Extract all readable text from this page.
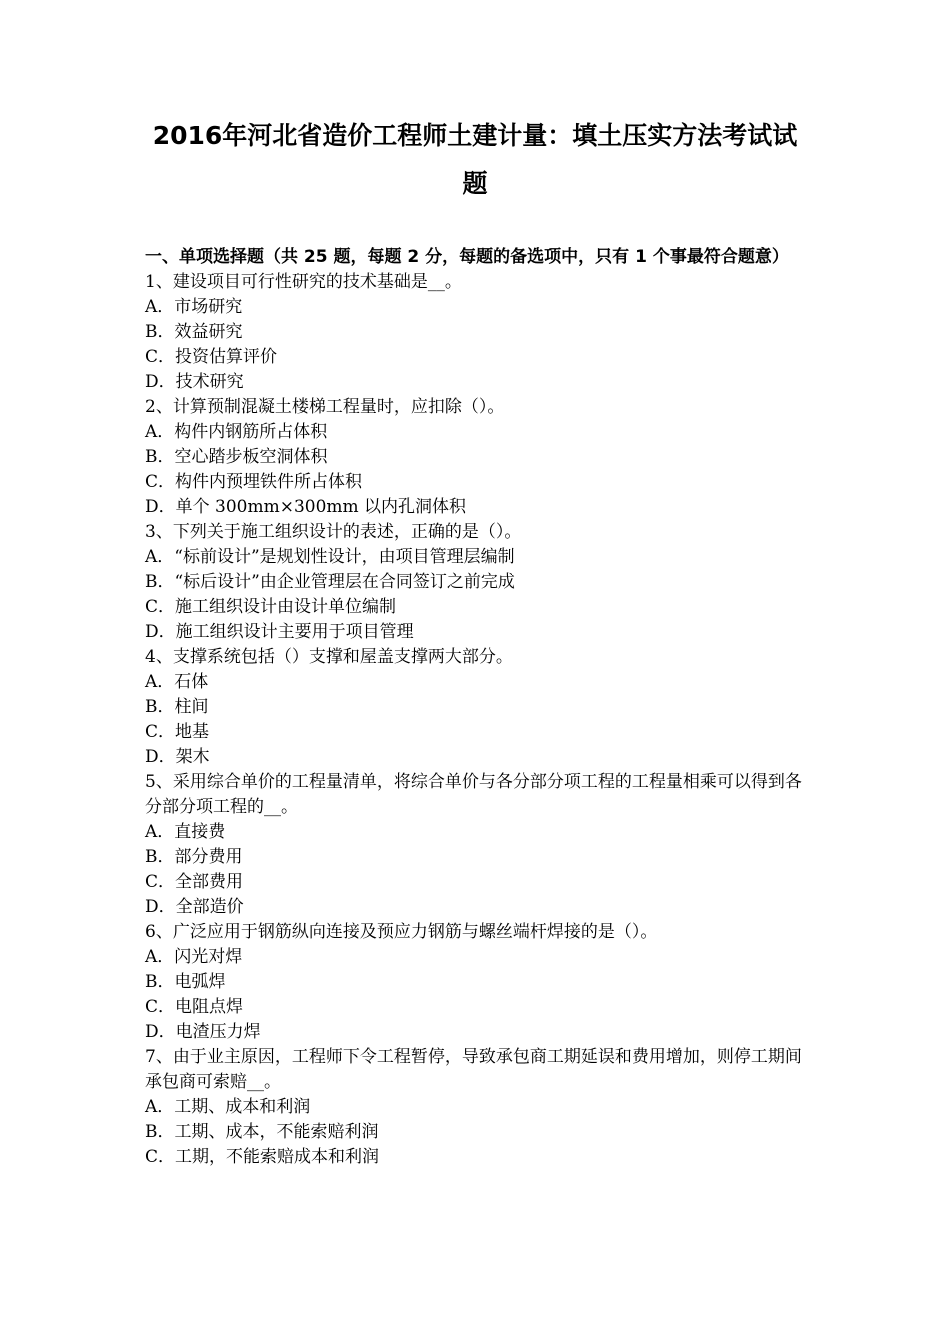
2016年河北省造价工程师土建计量：填土压实方法考试试
题

一、单项选择题（共 25 题，每题 2 分，每题的备选项中，只有 1 个事最符合题意）

1、建设项目可行性研究的技术基础是__。
A．市场研究
B．效益研究
C．投资估算评价
D．技术研究
2、计算预制混凝土楼梯工程量时，应扣除（）。
A．构件内钢筋所占体积
B．空心踏步板空洞体积
C．构件内预埋铁件所占体积
D．单个 300mm×300mm 以内孔洞体积
3、下列关于施工组织设计的表述，正确的是（）。
A．“标前设计”是规划性设计，由项目管理层编制
B．“标后设计”由企业管理层在合同签订之前完成
C．施工组织设计由设计单位编制
D．施工组织设计主要用于项目管理
4、支撑系统包括（）支撑和屋盖支撑两大部分。
A．石体
B．柱间
C．地基
D．架木
5、采用综合单价的工程量清单，将综合单价与各分部分项工程的工程量相乘可以得到各分部分项工程的__。
A．直接费
B．部分费用
C．全部费用
D．全部造价
6、广泛应用于钢筋纵向连接及预应力钢筋与螺丝端杆焊接的是（）。
A．闪光对焊
B．电弧焊
C．电阻点焊
D．电渣压力焊
7、由于业主原因，工程师下令工程暂停，导致承包商工期延误和费用增加，则停工期间承包商可索赔__。
A．工期、成本和利润
B．工期、成本，不能索赔利润
C．工期，不能索赔成本和利润
